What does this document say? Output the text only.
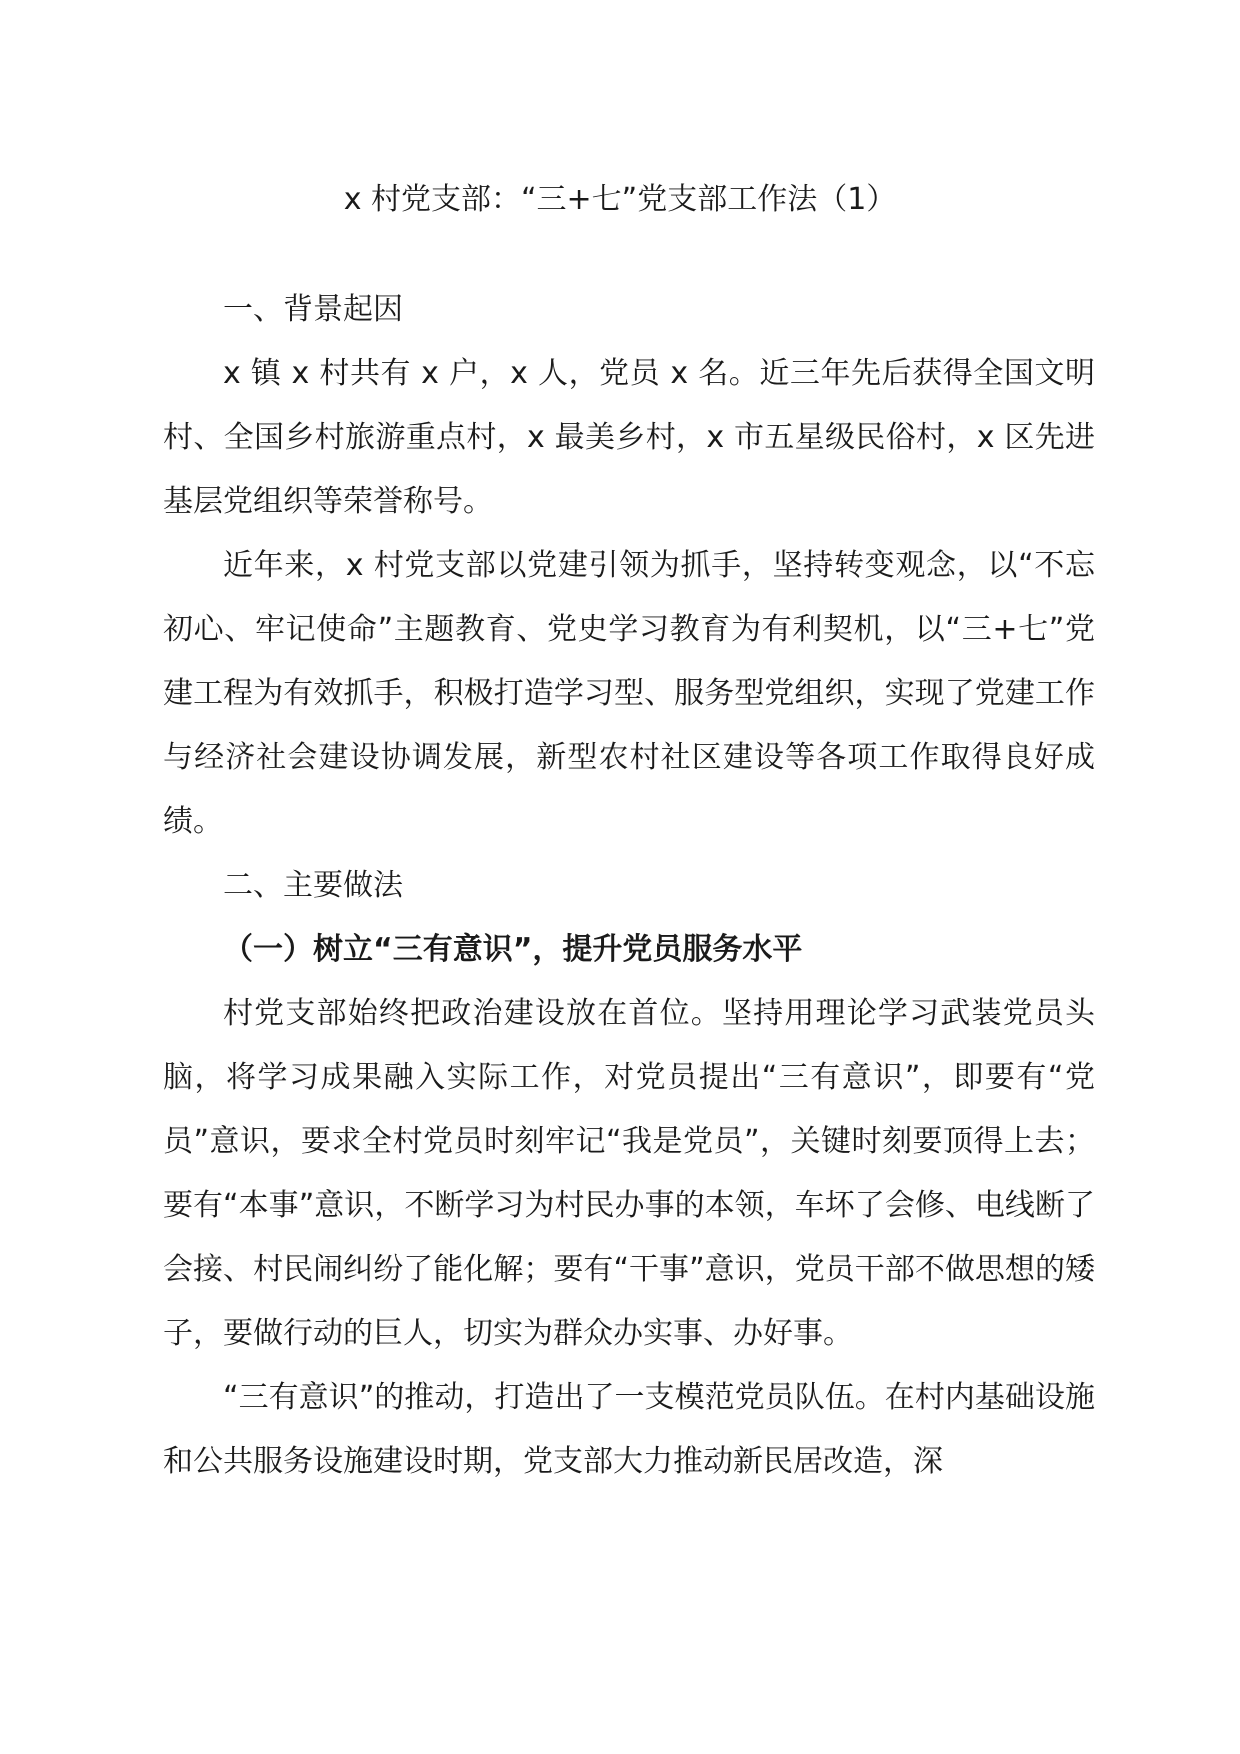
x 村党支部：“三+七”党支部工作法（1）

一、背景起因

x 镇 x 村共有 x 户，x 人，党员 x 名。近三年先后获得全国文明村、全国乡村旅游重点村，x 最美乡村，x 市五星级民俗村，x 区先进基层党组织等荣誉称号。

近年来，x 村党支部以党建引领为抓手，坚持转变观念，以“不忘初心、牢记使命”主题教育、党史学习教育为有利契机，以“三+七”党建工程为有效抓手，积极打造学习型、服务型党组织，实现了党建工作与经济社会建设协调发展，新型农村社区建设等各项工作取得良好成绩。

二、主要做法

（一）树立“三有意识”，提升党员服务水平

村党支部始终把政治建设放在首位。坚持用理论学习武装党员头脑，将学习成果融入实际工作，对党员提出“三有意识”，即要有“党员”意识，要求全村党员时刻牢记“我是党员”，关键时刻要顶得上去；要有“本事”意识，不断学习为村民办事的本领，车坏了会修、电线断了会接、村民闹纠纷了能化解；要有“干事”意识，党员干部不做思想的矮子，要做行动的巨人，切实为群众办实事、办好事。

“三有意识”的推动，打造出了一支模范党员队伍。在村内基础设施和公共服务设施建设时期，党支部大力推动新民居改造，深
